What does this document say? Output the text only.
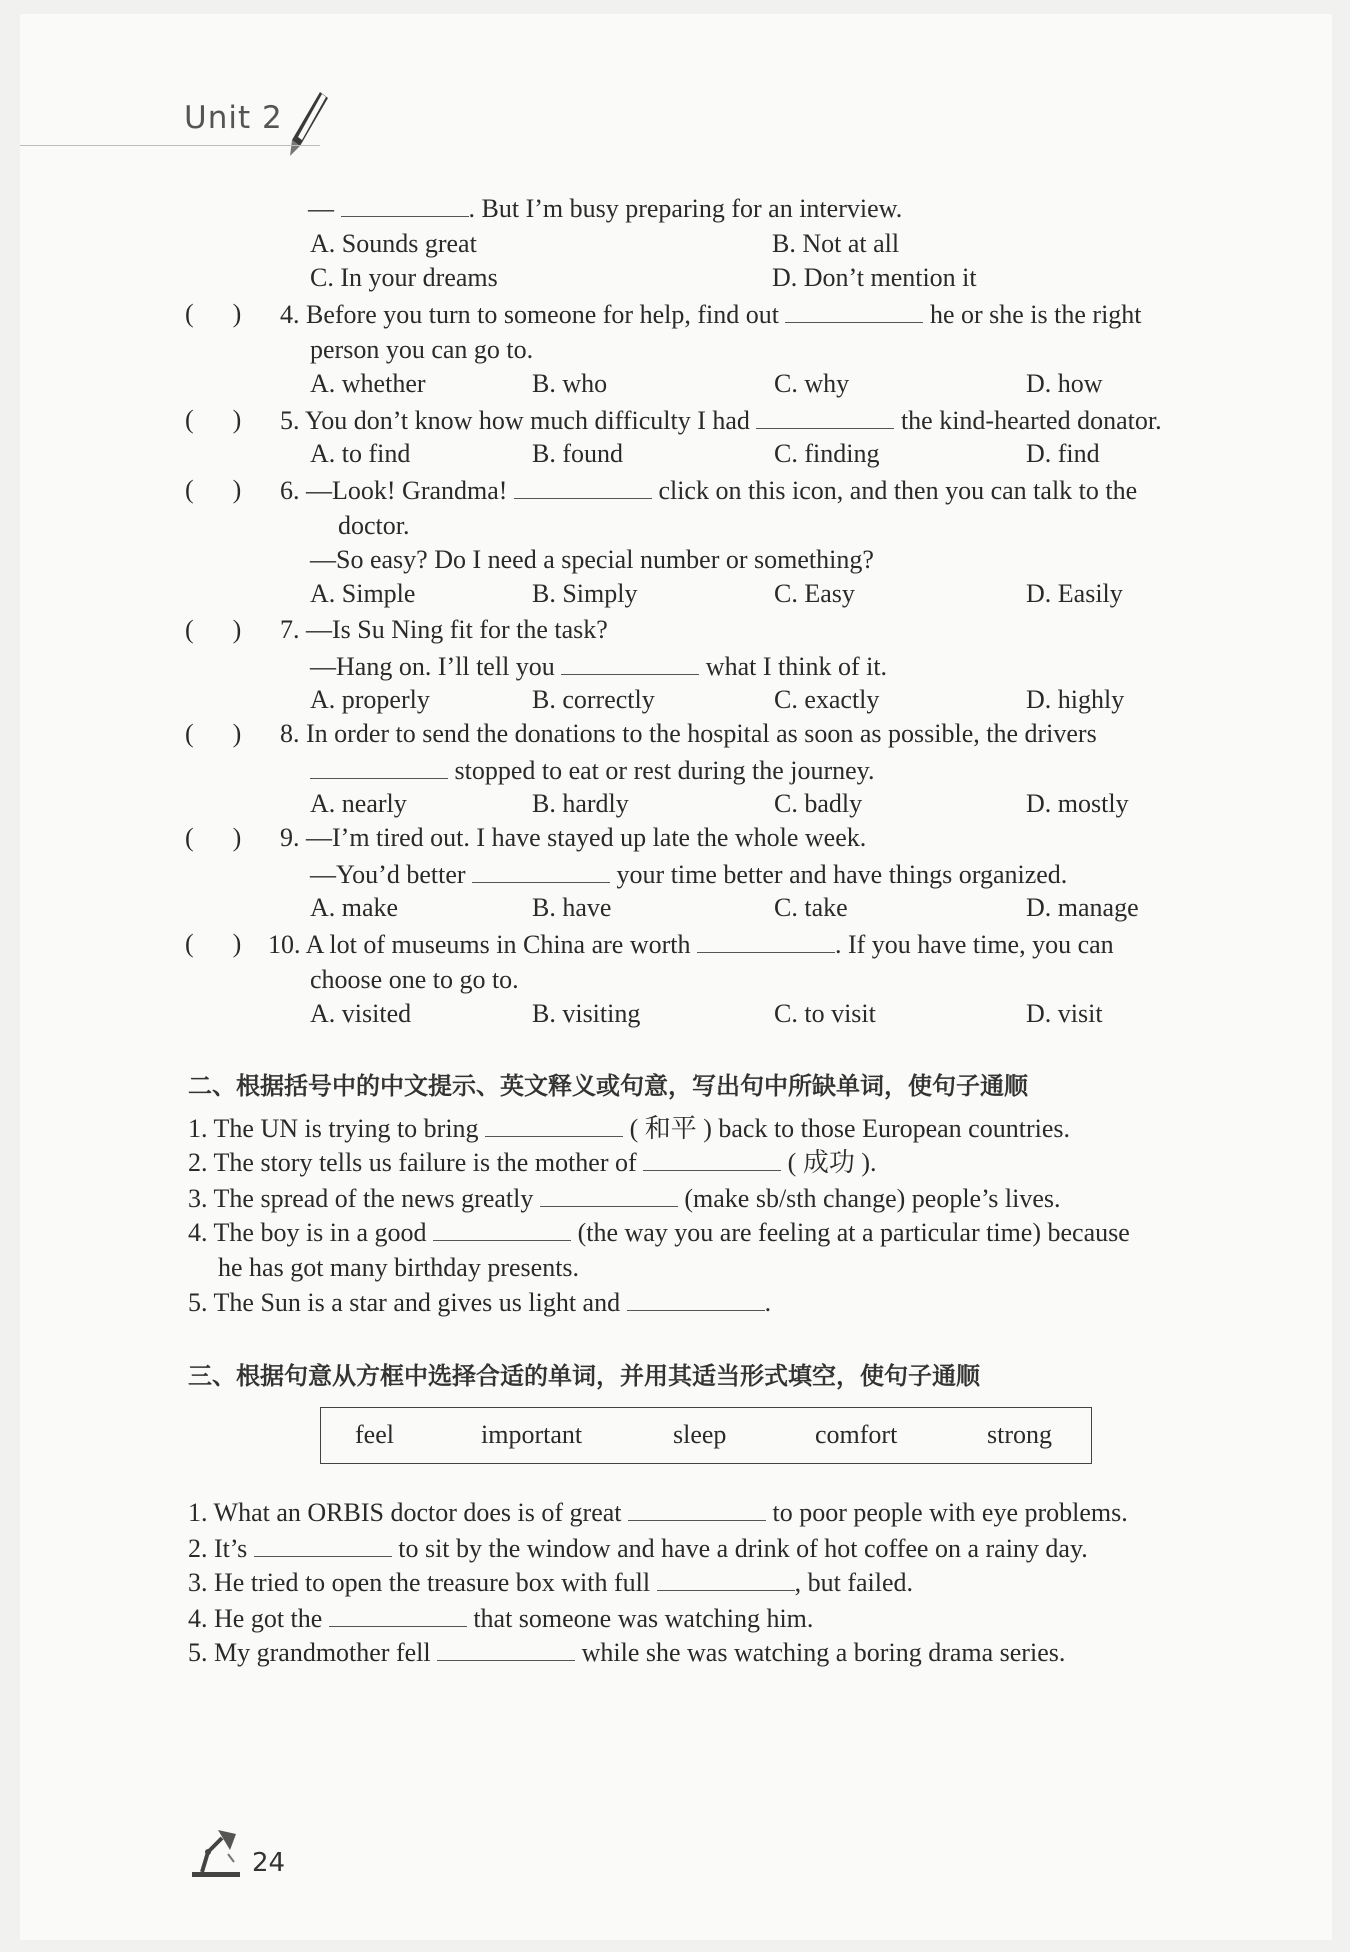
Unit 2
—	. But I’m busy preparing for an interview.
A. Sounds great	B. Not at all
C. In your dreams	D. Don’t mention it
(      ) 4. Before you turn to someone for help, find out	he or she is the right
person you can go to.
A. whether	B. who	C. why	D. how
(      ) 5. You don’t know how much difficulty I had	the kind-hearted donator.
A. to find	B. found	C. finding	D. find
(      ) 6. —Look! Grandma!	click on this icon, and then you can talk to the
doctor.
—So easy? Do I need a special number or something?
A. Simple	B. Simply	C. Easy	D. Easily
(      ) 7. —Is Su Ning fit for the task?
—Hang on. I’ll tell you	what I think of it.
A. properly	B. correctly	C. exactly	D. highly
(      ) 8. In order to send the donations to the hospital as soon as possible, the drivers
stopped to eat or rest during the journey.
A. nearly	B. hardly	C. badly	D. mostly
(      ) 9. —I’m tired out. I have stayed up late the whole week.
—You’d better	your time better and have things organized.
A. make	B. have	C. take	D. manage
(      ) 10. A lot of museums in China are worth	. If you have time, you can
choose one to go to.
A. visited	B. visiting	C. to visit	D. visit
二、根据括号中的中文提示、英文释义或句意，写出句中所缺单词，使句子通顺
1. The UN is trying to bring	( 和平 ) back to those European countries.
2. The story tells us failure is the mother of	( 成功 ).
3. The spread of the news greatly	(make sb/sth change) people’s lives.
4. The boy is in a good	(the way you are feeling at a particular time) because
he has got many birthday presents.
5. The Sun is a star and gives us light and	.
三、根据句意从方框中选择合适的单词，并用其适当形式填空，使句子通顺
feel	important	sleep	comfort	strong
1. What an ORBIS doctor does is of great	to poor people with eye problems.
2. It’s	to sit by the window and have a drink of hot coffee on a rainy day.
3. He tried to open the treasure box with full	, but failed.
4. He got the	that someone was watching him.
5. My grandmother fell	while she was watching a boring drama series.
24
